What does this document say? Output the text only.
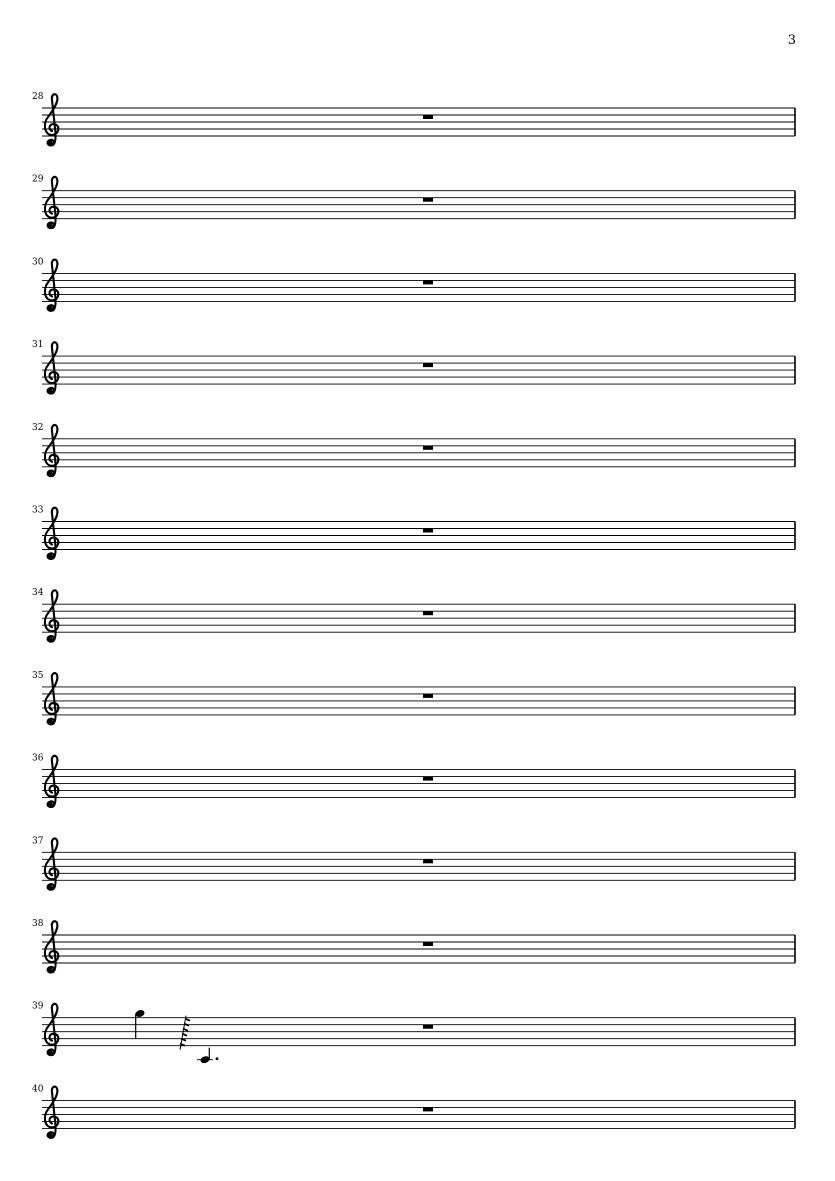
3
28
29
30
31
32
33
34
35
36
37
38
39
40
